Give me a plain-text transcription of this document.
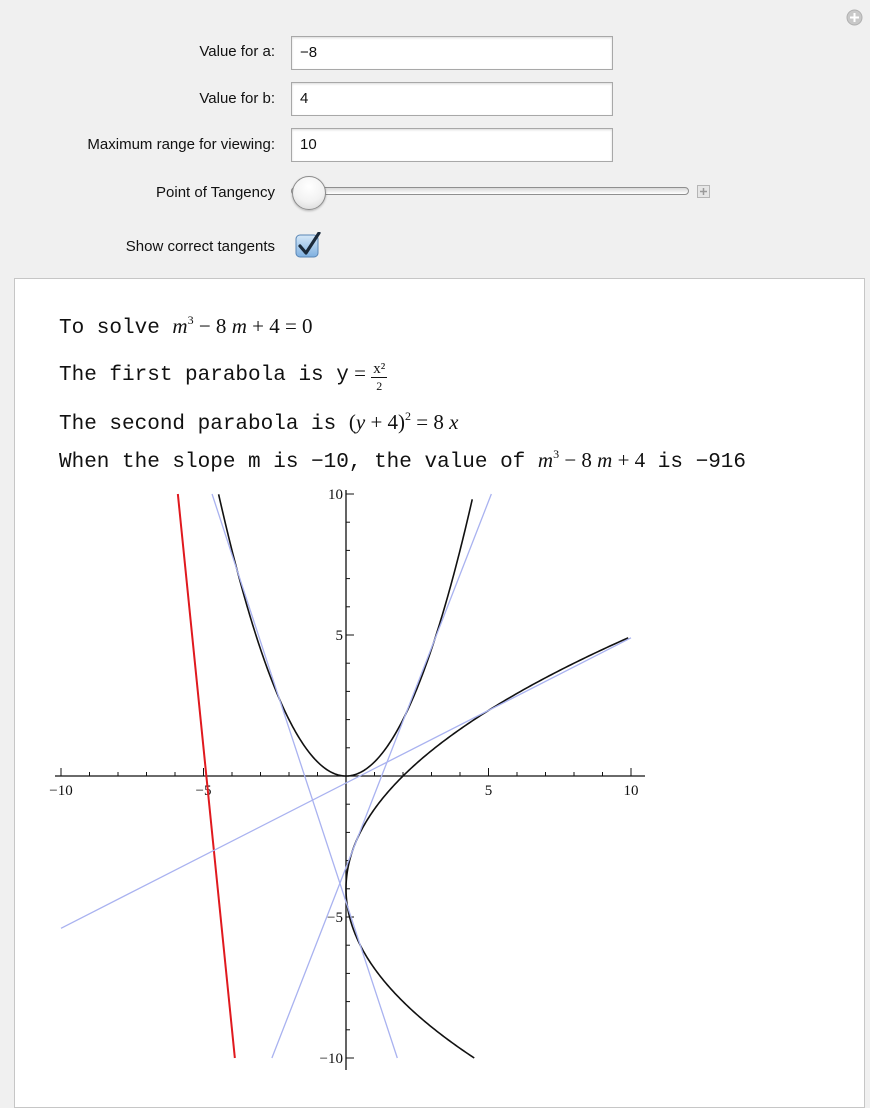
Value for a:	−8
Value for b:	4
Maximum range for viewing:	10
Point of Tangency
Show correct tangents
To solve $m^3 - 8$ m + 4 = 0
The first parabola is $y = \frac{\text{x²}}{2}$
The second parabola is $(y + 4)^2 = 8$ x
When the slope m is −10, the value of $m^3 - 8$ m + 4 is −916
−10	−5	5	10
10
5
−5
−10
